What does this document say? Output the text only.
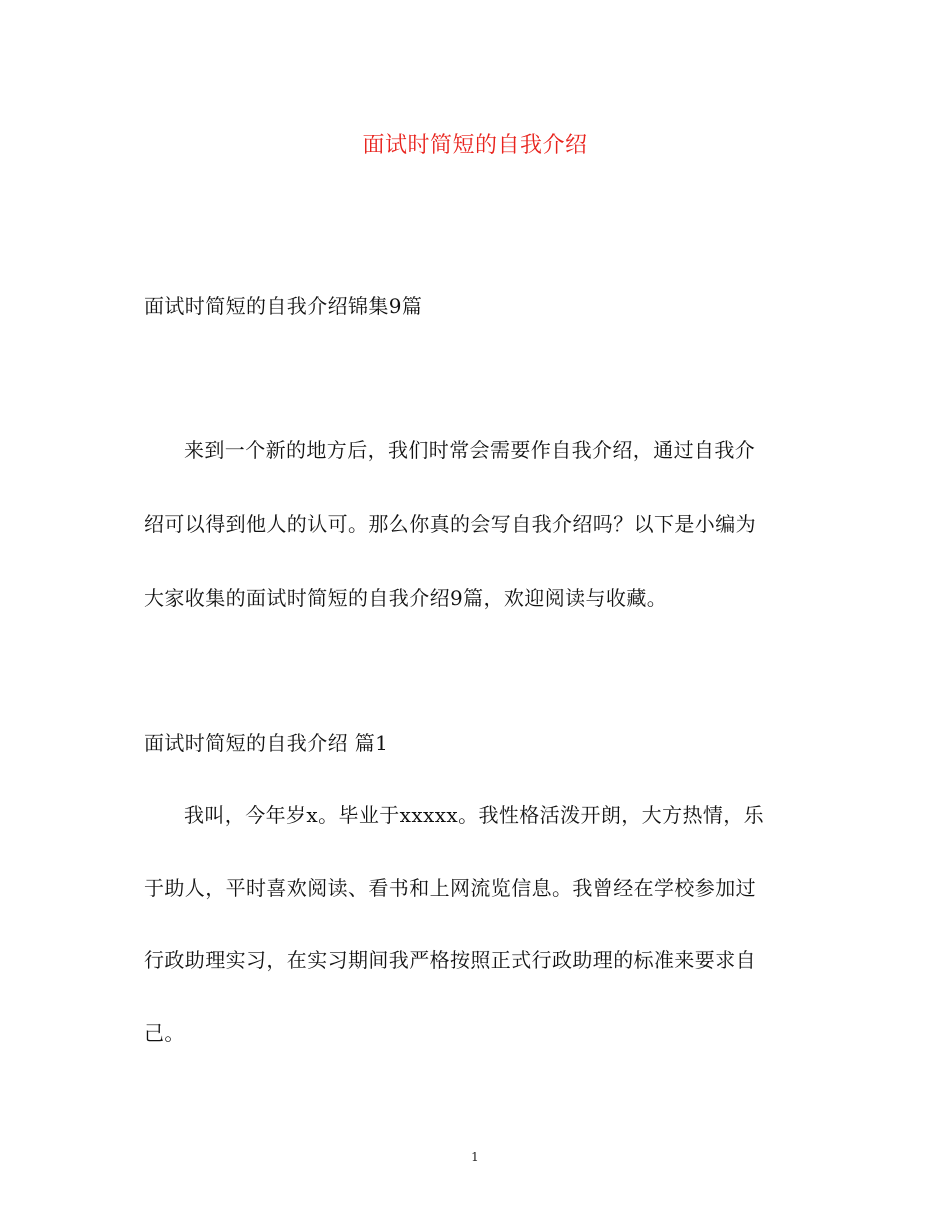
面试时简短的自我介绍
面试时简短的自我介绍锦集9篇
来到一个新的地方后，我们时常会需要作自我介绍，通过自我介
绍可以得到他人的认可。那么你真的会写自我介绍吗？以下是小编为
大家收集的面试时简短的自我介绍9篇，欢迎阅读与收藏。
面试时简短的自我介绍 篇1
我叫，今年岁x。毕业于xxxxx。我性格活泼开朗，大方热情，乐
于助人，平时喜欢阅读、看书和上网流览信息。我曾经在学校参加过
行政助理实习，在实习期间我严格按照正式行政助理的标准来要求自
己。
1
